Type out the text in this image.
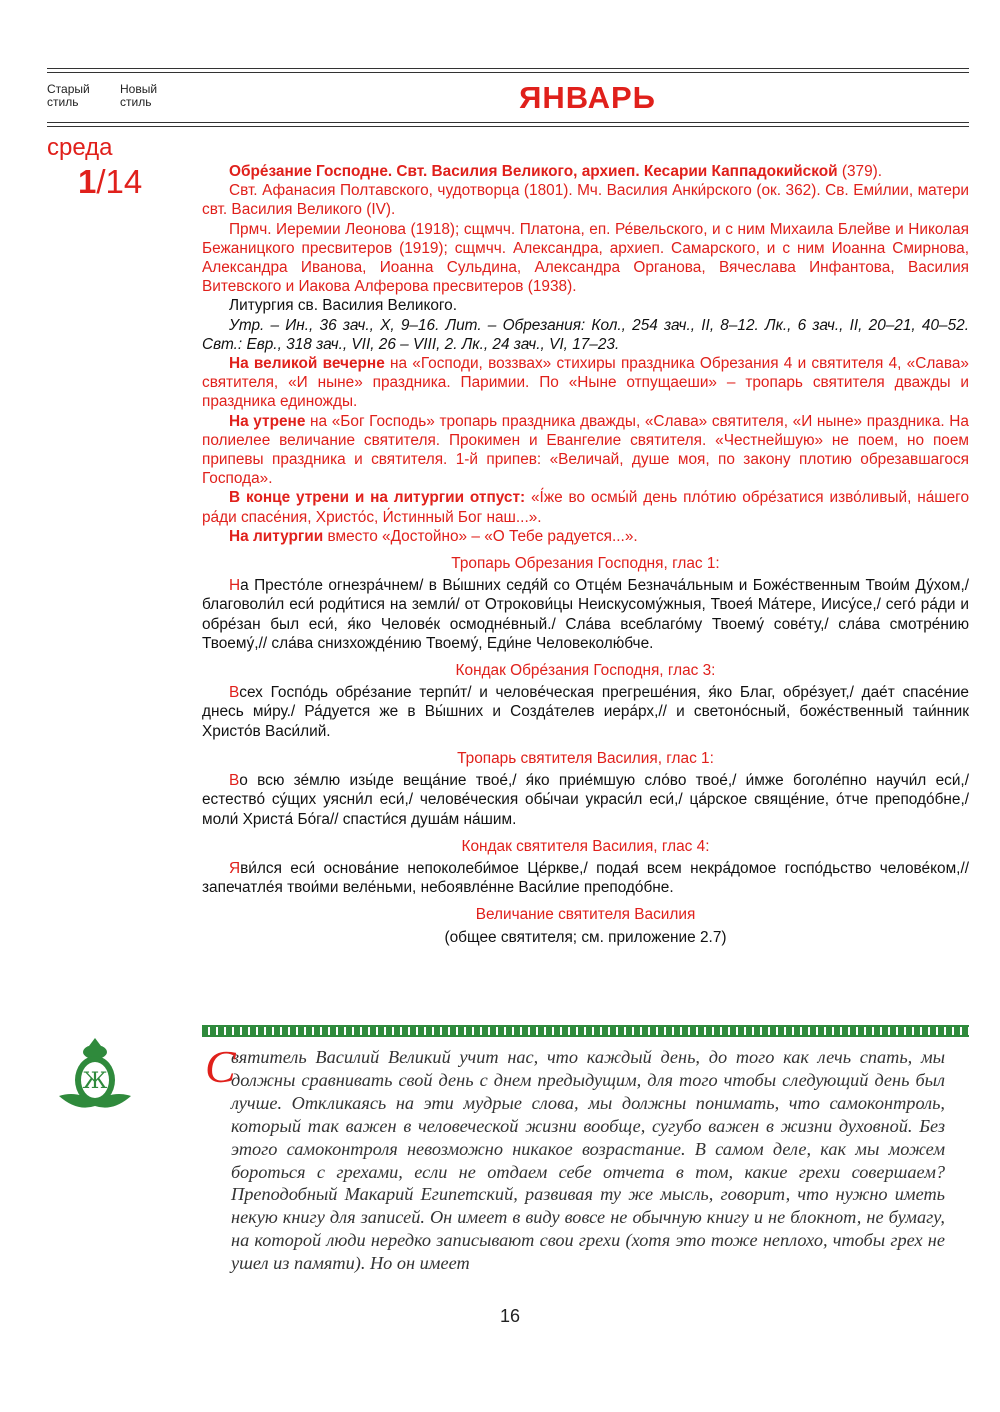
Старый стиль
Новый стиль	ЯНВАРЬ
среда
1/14	Обре́зание Господне. Свт. Василия Великого, архиеп. Кесарии Каппадокийской (379).

Свт. Афанасия Полтавского, чудотворца (1801). Мч. Василия Анки́рского (ок. 362). Св. Еми́лии, матери свт. Василия Великого (IV).

Прмч. Иеремии Леонова (1918); сщмчч. Платона, еп. Ре́вельского, и с ним Михаила Блейве и Николая Бежаницкого пресвитеров (1919); сщмчч. Александра, архиеп. Самарского, и с ним Иоанна Смирнова, Александра Иванова, Иоанна Сульдина, Александра Органова, Вячеслава Инфантова, Василия Витевского и Иакова Алферова пресвитеров (1938).

Литургия св. Василия Великого.

Утр. – Ин., 36 зач., Х, 9–16. Лит. – Обрезания: Кол., 254 зач., II, 8–12. Лк., 6 зач., II, 20–21, 40–52. Свт.: Евр., 318 зач., VII, 26 – VIII, 2. Лк., 24 зач., VI, 17–23.

На великой вечерне на «Господи, воззвах» стихиры праздника Обрезания 4 и святителя 4, «Слава» святителя, «И ныне» праздника. Паримии. По «Ныне отпущаеши» – тропарь святителя дважды и праздника единожды.

На утрене на «Бог Господь» тропарь праздника дважды, «Слава» святителя, «И ныне» праздника. На полиелее величание святителя. Прокимен и Евангелие святителя. «Честнейшую» не поем, но поем припевы праздника и святителя. 1-й припев: «Величай, душе моя, по закону плотию обрезавшагося Господа».

В конце утрени и на литургии отпуст: «І́же во осмы́й день пло́тию обре́затися изво́ливый, на́шего ра́ди спасе́ния, Христо́с, И́стинный Бог наш...».

На литургии вместо «Достойно» – «О Тебе радуется...».

Тропарь Обрезания Господня, глас 1:

На Престо́ле огнезра́чнем/ в Вы́шних седя́й со Отце́м Безнача́льным и Боже́ственным Твои́м Ду́хом,/ благоволи́л еси́ роди́тися на земли́/ от Отрокови́цы Неискусому́жныя, Твоея́ Ма́тере, Иису́се,/ сего́ ра́ди и обре́зан был еси́, я́ко Челове́к осмодне́вный./ Сла́ва всеблаго́му Твоему́ сове́ту,/ сла́ва смотре́нию Твоему́,// сла́ва снизхожде́нию Твоему́, Еди́не Человеколю́бче.

Кондак Обре́зания Господня, глас 3:

Всех Госпо́дь обре́зание терпи́т/ и челове́ческая прегреше́ния, я́ко Благ, обре́зует,/ дае́т спасе́ние днесь ми́ру./ Ра́дуется же в Вы́шних и Созда́телев иера́рх,// и светоно́сный, боже́ственный таи́нник Христо́в Васи́лий.

Тропарь святителя Василия, глас 1:

Во всю зе́млю изы́де веща́ние твое́,/ я́ко прие́мшую сло́во твое́,/ и́мже боголе́пно научи́л еси́,/ естество́ су́щих уясни́л еси́,/ челове́ческия обы́чаи украси́л еси́,/ ца́рское свяще́ние, о́тче преподо́бне,/ моли́ Христа́ Бо́га// спасти́ся душа́м на́шим.

Кондак святителя Василия, глас 4:

Яви́лся еси́ основа́ние непоколеби́мое Це́ркве,/ подая́ всем некра́домое госпо́дьство челове́ком,// запечатле́я твои́ми веле́ньми, небоявле́нне Васи́лие преподо́бне.

Величание святителя Василия

(общее святителя; см. приложение 2.7)

Ж С

вятитель Василий Великий учит нас, что каждый день, до того как лечь спать, мы должны сравнивать свой день с днем предыдущим, для того чтобы следующий день был лучше. Откликаясь на эти мудрые слова, мы должны понимать, что самоконтроль, который так важен в человеческой жизни вообще, сугубо важен в жизни духовной. Без этого самоконтроля невозможно никакое возрастание. В самом деле, как мы можем бороться с грехами, если не отдаем себе отчета в том, какие грехи совершаем? Преподобный Макарий Египетский, развивая ту же мысль, говорит, что нужно иметь некую книгу для записей. Он имеет в виду вовсе не обычную книгу и не блокнот, не бумагу, на которой люди нередко записывают свои грехи (хотя это тоже неплохо, чтобы грех не ушел из памяти). Но он имеет

16
